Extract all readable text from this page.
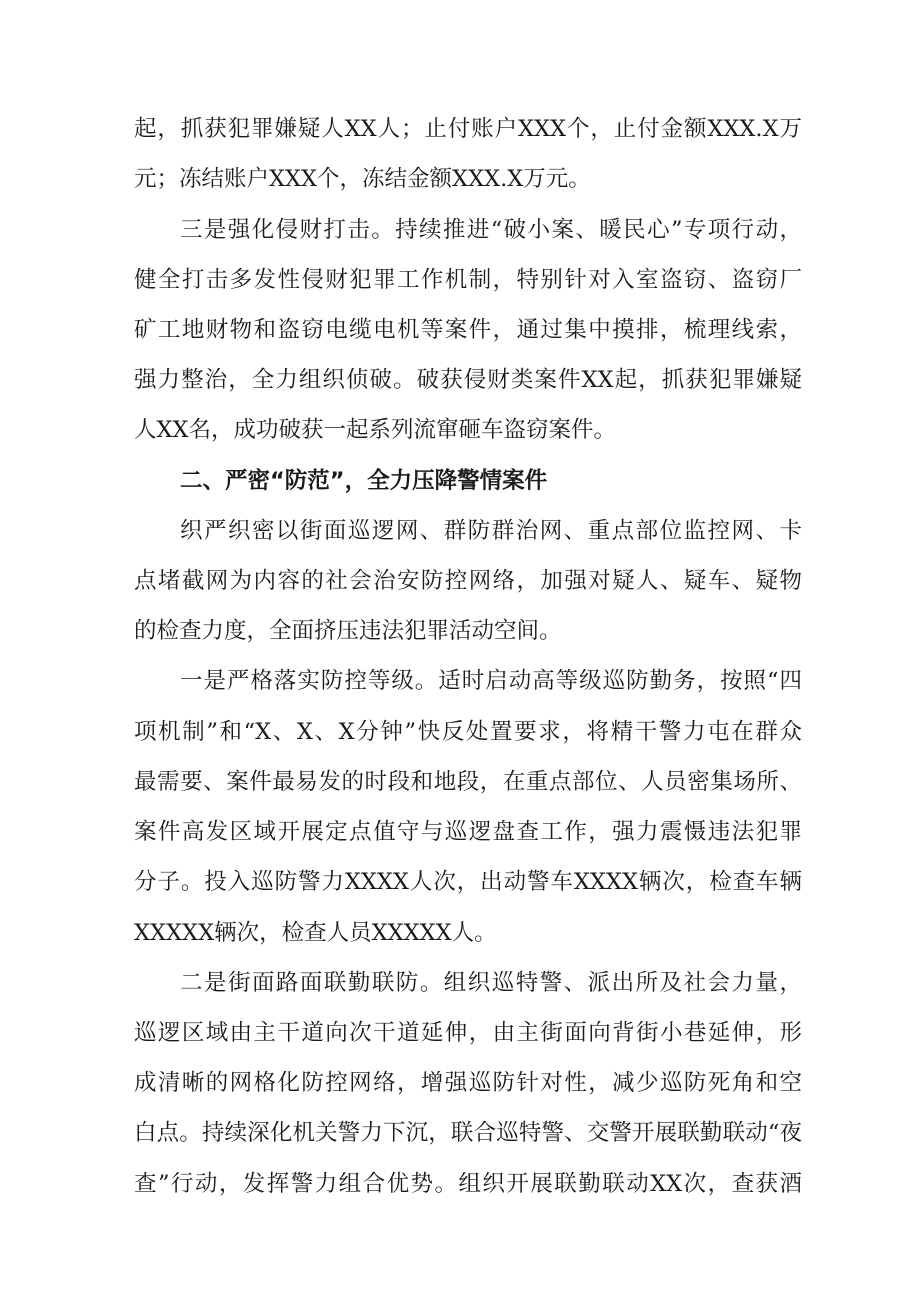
起，抓获犯罪嫌疑人XX人；止付账户XXX个，止付金额XXX.X万
元；冻结账户XXX个，冻结金额XXX.X万元。
三是强化侵财打击。持续推进“破小案、暖民心”专项行动，
健全打击多发性侵财犯罪工作机制，特别针对入室盗窃、盗窃厂
矿工地财物和盗窃电缆电机等案件，通过集中摸排，梳理线索，
强力整治，全力组织侦破。破获侵财类案件XX起，抓获犯罪嫌疑
人XX名，成功破获一起系列流窜砸车盗窃案件。
二、严密“防范”，全力压降警情案件
织严织密以街面巡逻网、群防群治网、重点部位监控网、卡
点堵截网为内容的社会治安防控网络，加强对疑人、疑车、疑物
的检查力度，全面挤压违法犯罪活动空间。
一是严格落实防控等级。适时启动高等级巡防勤务，按照“四
项机制”和“X、X、X分钟”快反处置要求，将精干警力屯在群众
最需要、案件最易发的时段和地段，在重点部位、人员密集场所、
案件高发区域开展定点值守与巡逻盘查工作，强力震慑违法犯罪
分子。投入巡防警力XXXX人次，出动警车XXXX辆次，检查车辆
XXXXX辆次，检查人员XXXXX人。
二是街面路面联勤联防。组织巡特警、派出所及社会力量，
巡逻区域由主干道向次干道延伸，由主街面向背街小巷延伸，形
成清晰的网格化防控网络，增强巡防针对性，减少巡防死角和空
白点。持续深化机关警力下沉，联合巡特警、交警开展联勤联动“夜
查”行动，发挥警力组合优势。组织开展联勤联动XX次，查获酒
